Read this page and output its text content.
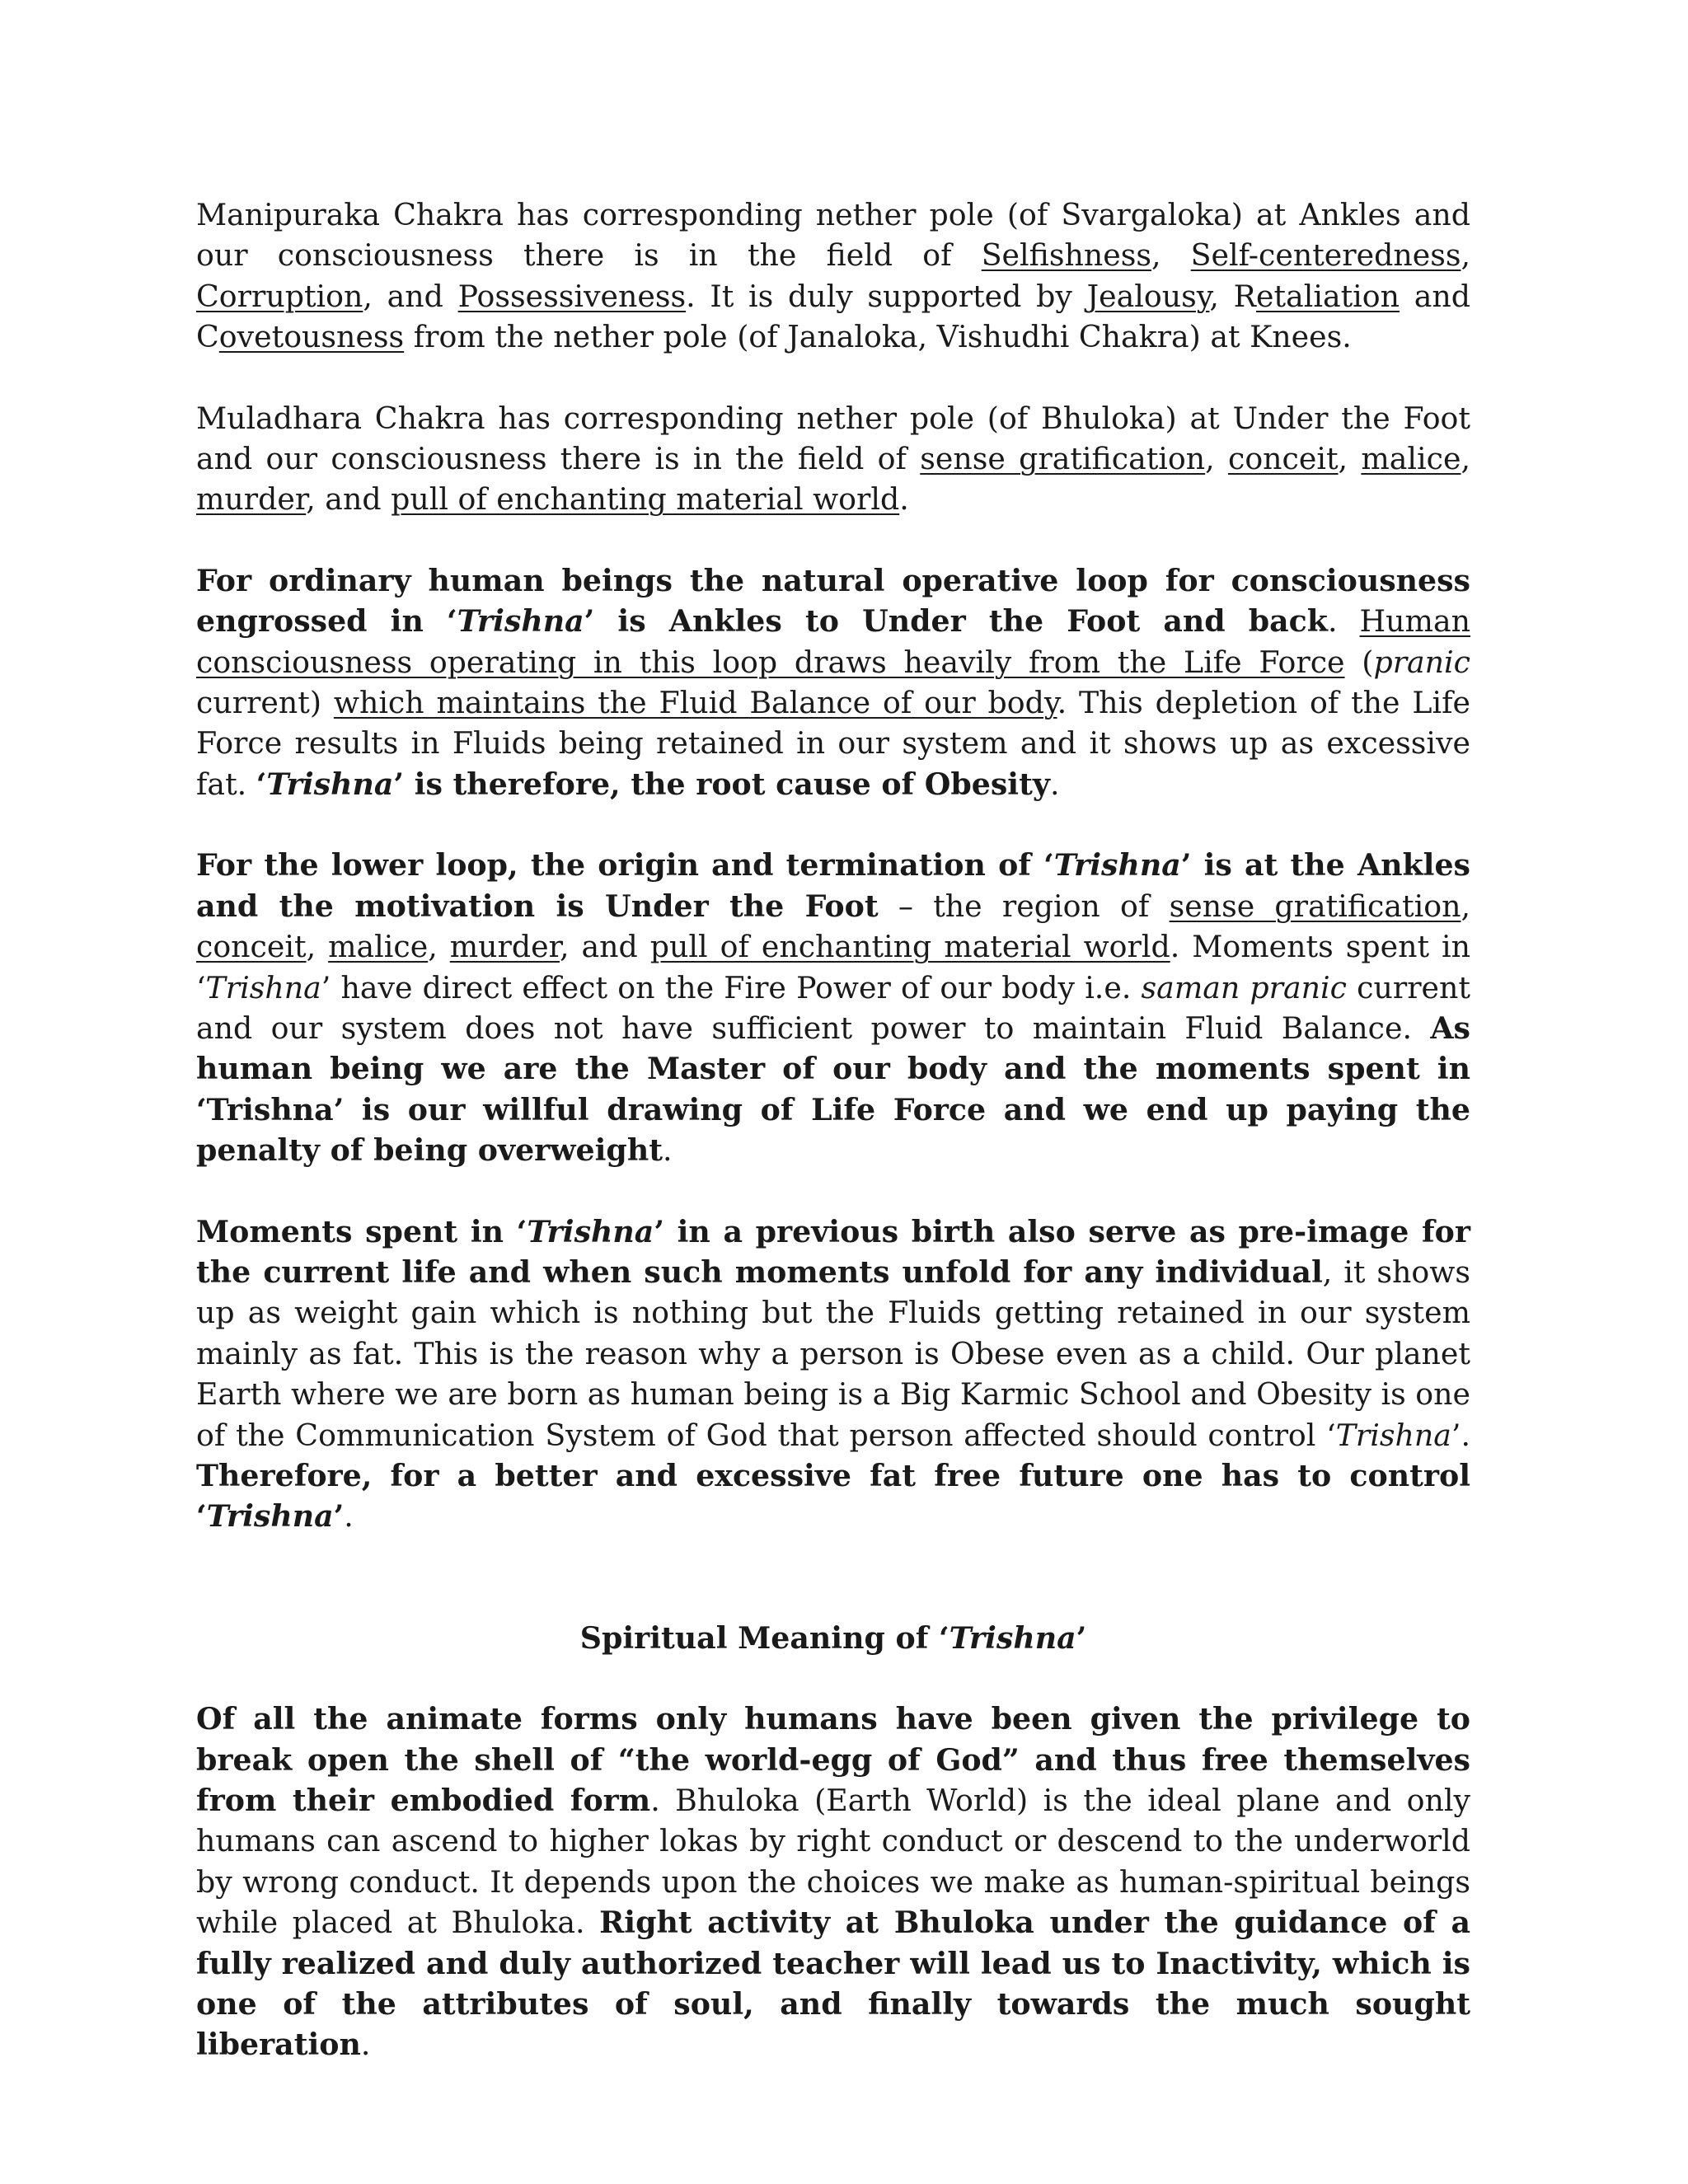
Manipuraka Chakra has corresponding nether pole (of Svargaloka) at Ankles and our consciousness there is in the field of Selfishness, Self-centeredness, Corruption, and Possessiveness. It is duly supported by Jealousy, Retaliation and Covetousness from the nether pole (of Janaloka, Vishudhi Chakra) at Knees.

Muladhara Chakra has corresponding nether pole (of Bhuloka) at Under the Foot and our consciousness there is in the field of sense gratification, conceit, malice, murder, and pull of enchanting material world.

For ordinary human beings the natural operative loop for consciousness engrossed in ‘Trishna’ is Ankles to Under the Foot and back. Human consciousness operating in this loop draws heavily from the Life Force (pranic current) which maintains the Fluid Balance of our body. This depletion of the Life Force results in Fluids being retained in our system and it shows up as excessive fat. ‘Trishna’ is therefore, the root cause of Obesity.

For the lower loop, the origin and termination of ‘Trishna’ is at the Ankles and the motivation is Under the Foot – the region of sense gratification, conceit, malice, murder, and pull of enchanting material world. Moments spent in ‘Trishna’ have direct effect on the Fire Power of our body i.e. saman pranic current and our system does not have sufficient power to maintain Fluid Balance. As human being we are the Master of our body and the moments spent in ‘Trishna’ is our willful drawing of Life Force and we end up paying the penalty of being overweight.

Moments spent in ‘Trishna’ in a previous birth also serve as pre-image for the current life and when such moments unfold for any individual, it shows up as weight gain which is nothing but the Fluids getting retained in our system mainly as fat. This is the reason why a person is Obese even as a child. Our planet Earth where we are born as human being is a Big Karmic School and Obesity is one of the Communication System of God that person affected should control ‘Trishna’. Therefore, for a better and excessive fat free future one has to control ‘Trishna’.

Spiritual Meaning of ‘Trishna’

Of all the animate forms only humans have been given the privilege to break open the shell of “the world-egg of God” and thus free themselves from their embodied form. Bhuloka (Earth World) is the ideal plane and only humans can ascend to higher lokas by right conduct or descend to the underworld by wrong conduct. It depends upon the choices we make as human-spiritual beings while placed at Bhuloka. Right activity at Bhuloka under the guidance of a fully realized and duly authorized teacher will lead us to Inactivity, which is one of the attributes of soul, and finally towards the much sought liberation.
